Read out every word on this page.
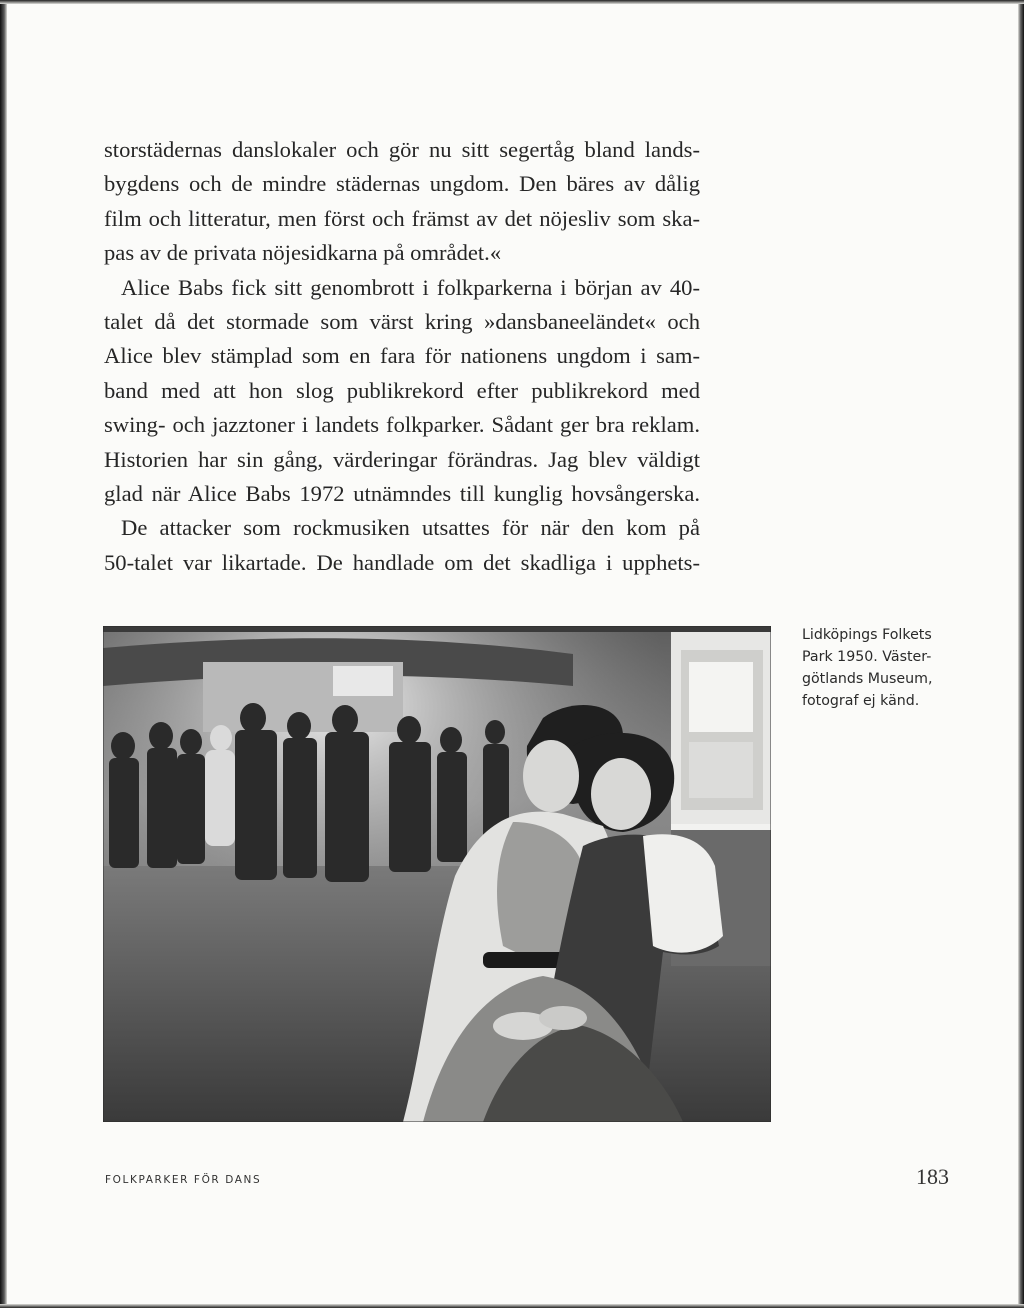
storstädernas danslokaler och gör nu sitt segertåg bland lands-
bygdens och de mindre städernas ungdom. Den bäres av dålig
film och litteratur, men först och främst av det nöjesliv som ska-
pas av de privata nöjesidkarna på området.«
Alice Babs fick sitt genombrott i folkparkerna i början av 40-
talet då det stormade som värst kring »dansbaneeländet« och
Alice blev stämplad som en fara för nationens ungdom i sam-
band med att hon slog publikrekord efter publikrekord med
swing- och jazztoner i landets folkparker. Sådant ger bra reklam.
Historien har sin gång, värderingar förändras. Jag blev väldigt
glad när Alice Babs 1972 utnämndes till kunglig hovsångerska.
De attacker som rockmusiken utsattes för när den kom på
50-talet var likartade. De handlade om det skadliga i upphets-
Lidköpings Folkets
Park 1950. Väster-
götlands Museum,
fotograf ej känd.
FOLKPARKER FÖR DANS	183
